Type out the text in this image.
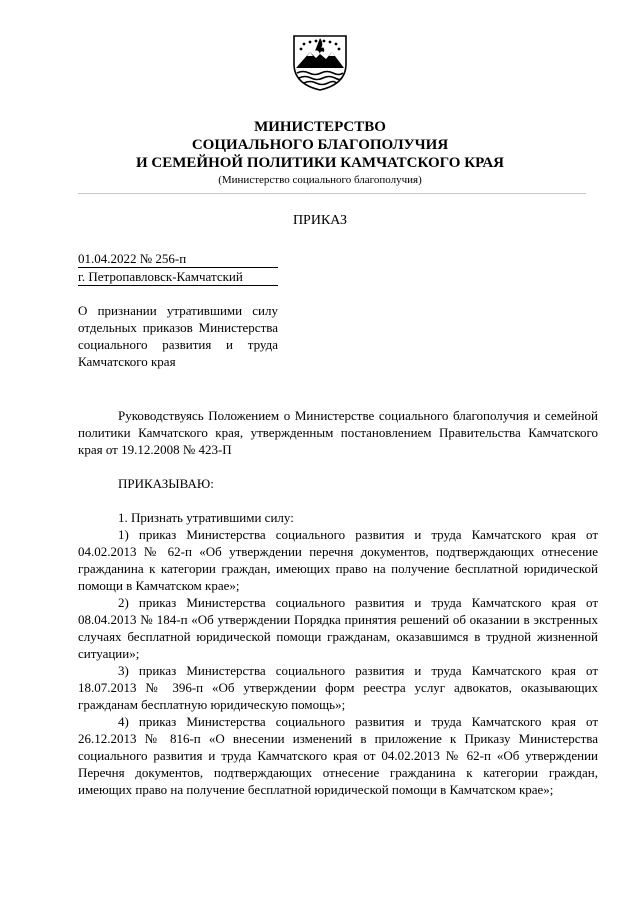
МИНИСТЕРСТВО
СОЦИАЛЬНОГО БЛАГОПОЛУЧИЯ
И СЕМЕЙНОЙ ПОЛИТИКИ КАМЧАТСКОГО КРАЯ
(Министерство социального благополучия)
ПРИКАЗ
01.04.2022 № 256-п
г. Петропавловск-Камчатский
О признании утратившими силу отдельных приказов Министерства социального развития и труда Камчатского края

Руководствуясь Положением о Министерстве социального благополучия и семейной политики Камчатского края, утвержденным постановлением Правительства Камчатского края от 19.12.2008 № 423-П

ПРИКАЗЫВАЮ:

1. Признать утратившими силу:

1) приказ Министерства социального развития и труда Камчатского края от 04.02.2013 № 62-п «Об утверждении перечня документов, подтверждающих отнесение гражданина к категории граждан, имеющих право на получение бесплатной юридической помощи в Камчатском крае»;

2) приказ Министерства социального развития и труда Камчатского края от 08.04.2013 № 184-п «Об утверждении Порядка принятия решений об оказании в экстренных случаях бесплатной юридической помощи гражданам, оказавшимся в трудной жизненной ситуации»;

3) приказ Министерства социального развития и труда Камчатского края от 18.07.2013 № 396-п «Об утверждении форм реестра услуг адвокатов, оказывающих гражданам бесплатную юридическую помощь»;

4) приказ Министерства социального развития и труда Камчатского края от 26.12.2013 № 816-п «О внесении изменений в приложение к Приказу Министерства социального развития и труда Камчатского края от 04.02.2013 № 62-п «Об утверждении Перечня документов, подтверждающих отнесение гражданина к категории граждан, имеющих право на получение бесплатной юридической помощи в Камчатском крае»;
